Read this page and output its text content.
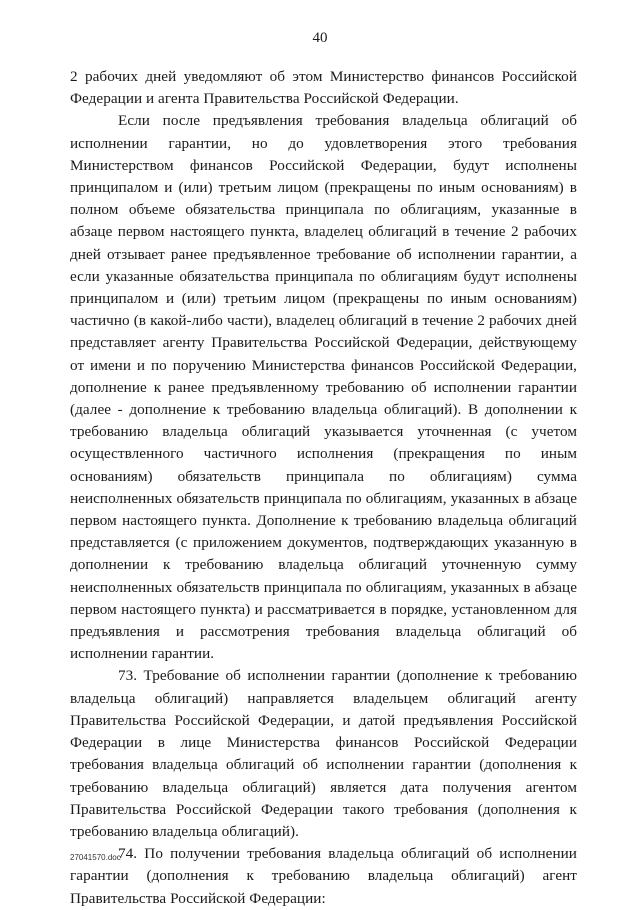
40

2 рабочих дней уведомляют об этом Министерство финансов Российской Федерации и агента Правительства Российской Федерации.

Если после предъявления требования владельца облигаций об исполнении гарантии, но до удовлетворения этого требования Министерством финансов Российской Федерации, будут исполнены принципалом и (или) третьим лицом (прекращены по иным основаниям) в полном объеме обязательства принципала по облигациям, указанные в абзаце первом настоящего пункта, владелец облигаций в течение 2 рабочих дней отзывает ранее предъявленное требование об исполнении гарантии, а если указанные обязательства принципала по облигациям будут исполнены принципалом и (или) третьим лицом (прекращены по иным основаниям) частично (в какой-либо части), владелец облигаций в течение 2 рабочих дней представляет агенту Правительства Российской Федерации, действующему от имени и по поручению Министерства финансов Российской Федерации, дополнение к ранее предъявленному требованию об исполнении гарантии (далее - дополнение к требованию владельца облигаций). В дополнении к требованию владельца облигаций указывается уточненная (с учетом осуществленного частичного исполнения (прекращения по иным основаниям) обязательств принципала по облигациям) сумма неисполненных обязательств принципала по облигациям, указанных в абзаце первом настоящего пункта. Дополнение к требованию владельца облигаций представляется (с приложением документов, подтверждающих указанную в дополнении к требованию владельца облигаций уточненную сумму неисполненных обязательств принципала по облигациям, указанных в абзаце первом настоящего пункта) и рассматривается в порядке, установленном для предъявления и рассмотрения требования владельца облигаций об исполнении гарантии.

73. Требование об исполнении гарантии (дополнение к требованию владельца облигаций) направляется владельцем облигаций агенту Правительства Российской Федерации, и датой предъявления Российской Федерации в лице Министерства финансов Российской Федерации требования владельца облигаций об исполнении гарантии (дополнения к требованию владельца облигаций) является дата получения агентом Правительства Российской Федерации такого требования (дополнения к требованию владельца облигаций).

74. По получении требования владельца облигаций об исполнении гарантии (дополнения к требованию владельца облигаций) агент Правительства Российской Федерации:

27041570.doc
